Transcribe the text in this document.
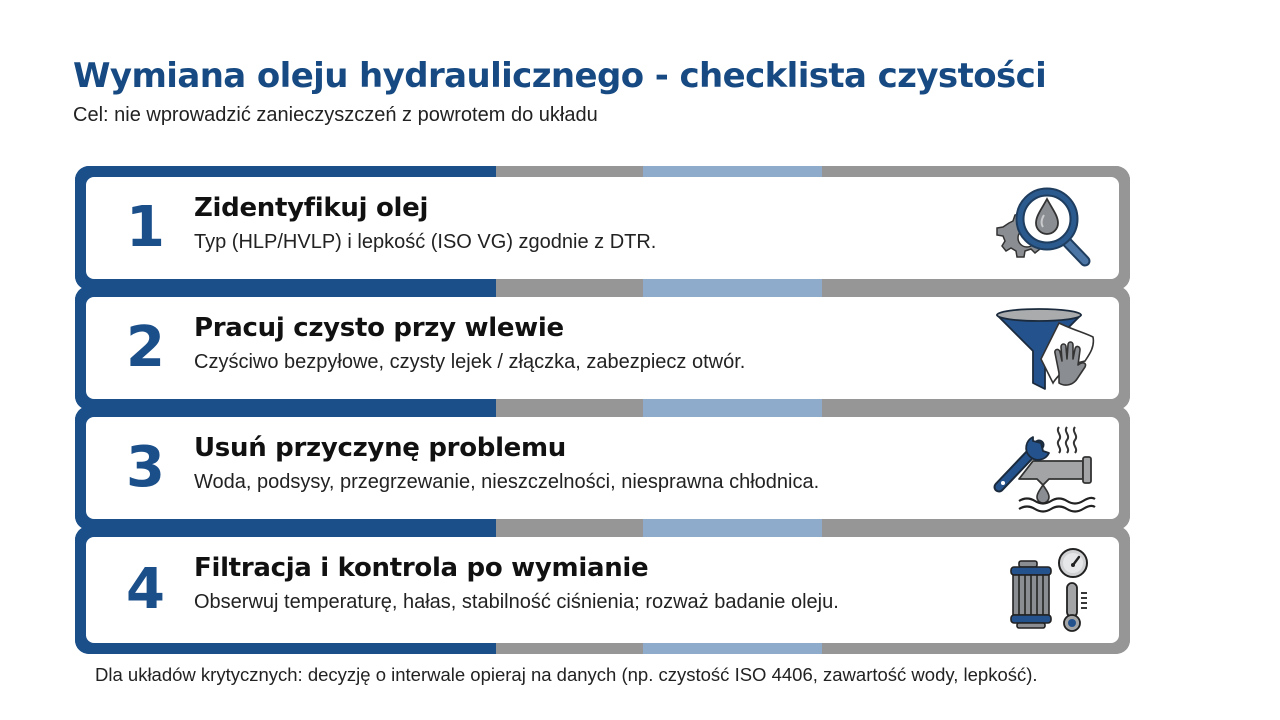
Wymiana oleju hydraulicznego - checklista czystości
Cel: nie wprowadzić zanieczyszczeń z powrotem do układu
1 Zidentyfikuj olej
Typ (HLP/HVLP) i lepkość (ISO VG) zgodnie z DTR.
2 Pracuj czysto przy wlewie
Czyściwo bezpyłowe, czysty lejek / złączka, zabezpiecz otwór.
3 Usuń przyczynę problemu
Woda, podsysy, przegrzewanie, nieszczelności, niesprawna chłodnica.
4 Filtracja i kontrola po wymianie
Obserwuj temperaturę, hałas, stabilność ciśnienia; rozważ badanie oleju.
Dla układów krytycznych: decyzję o interwale opieraj na danych (np. czystość ISO 4406, zawartość wody, lepkość).
